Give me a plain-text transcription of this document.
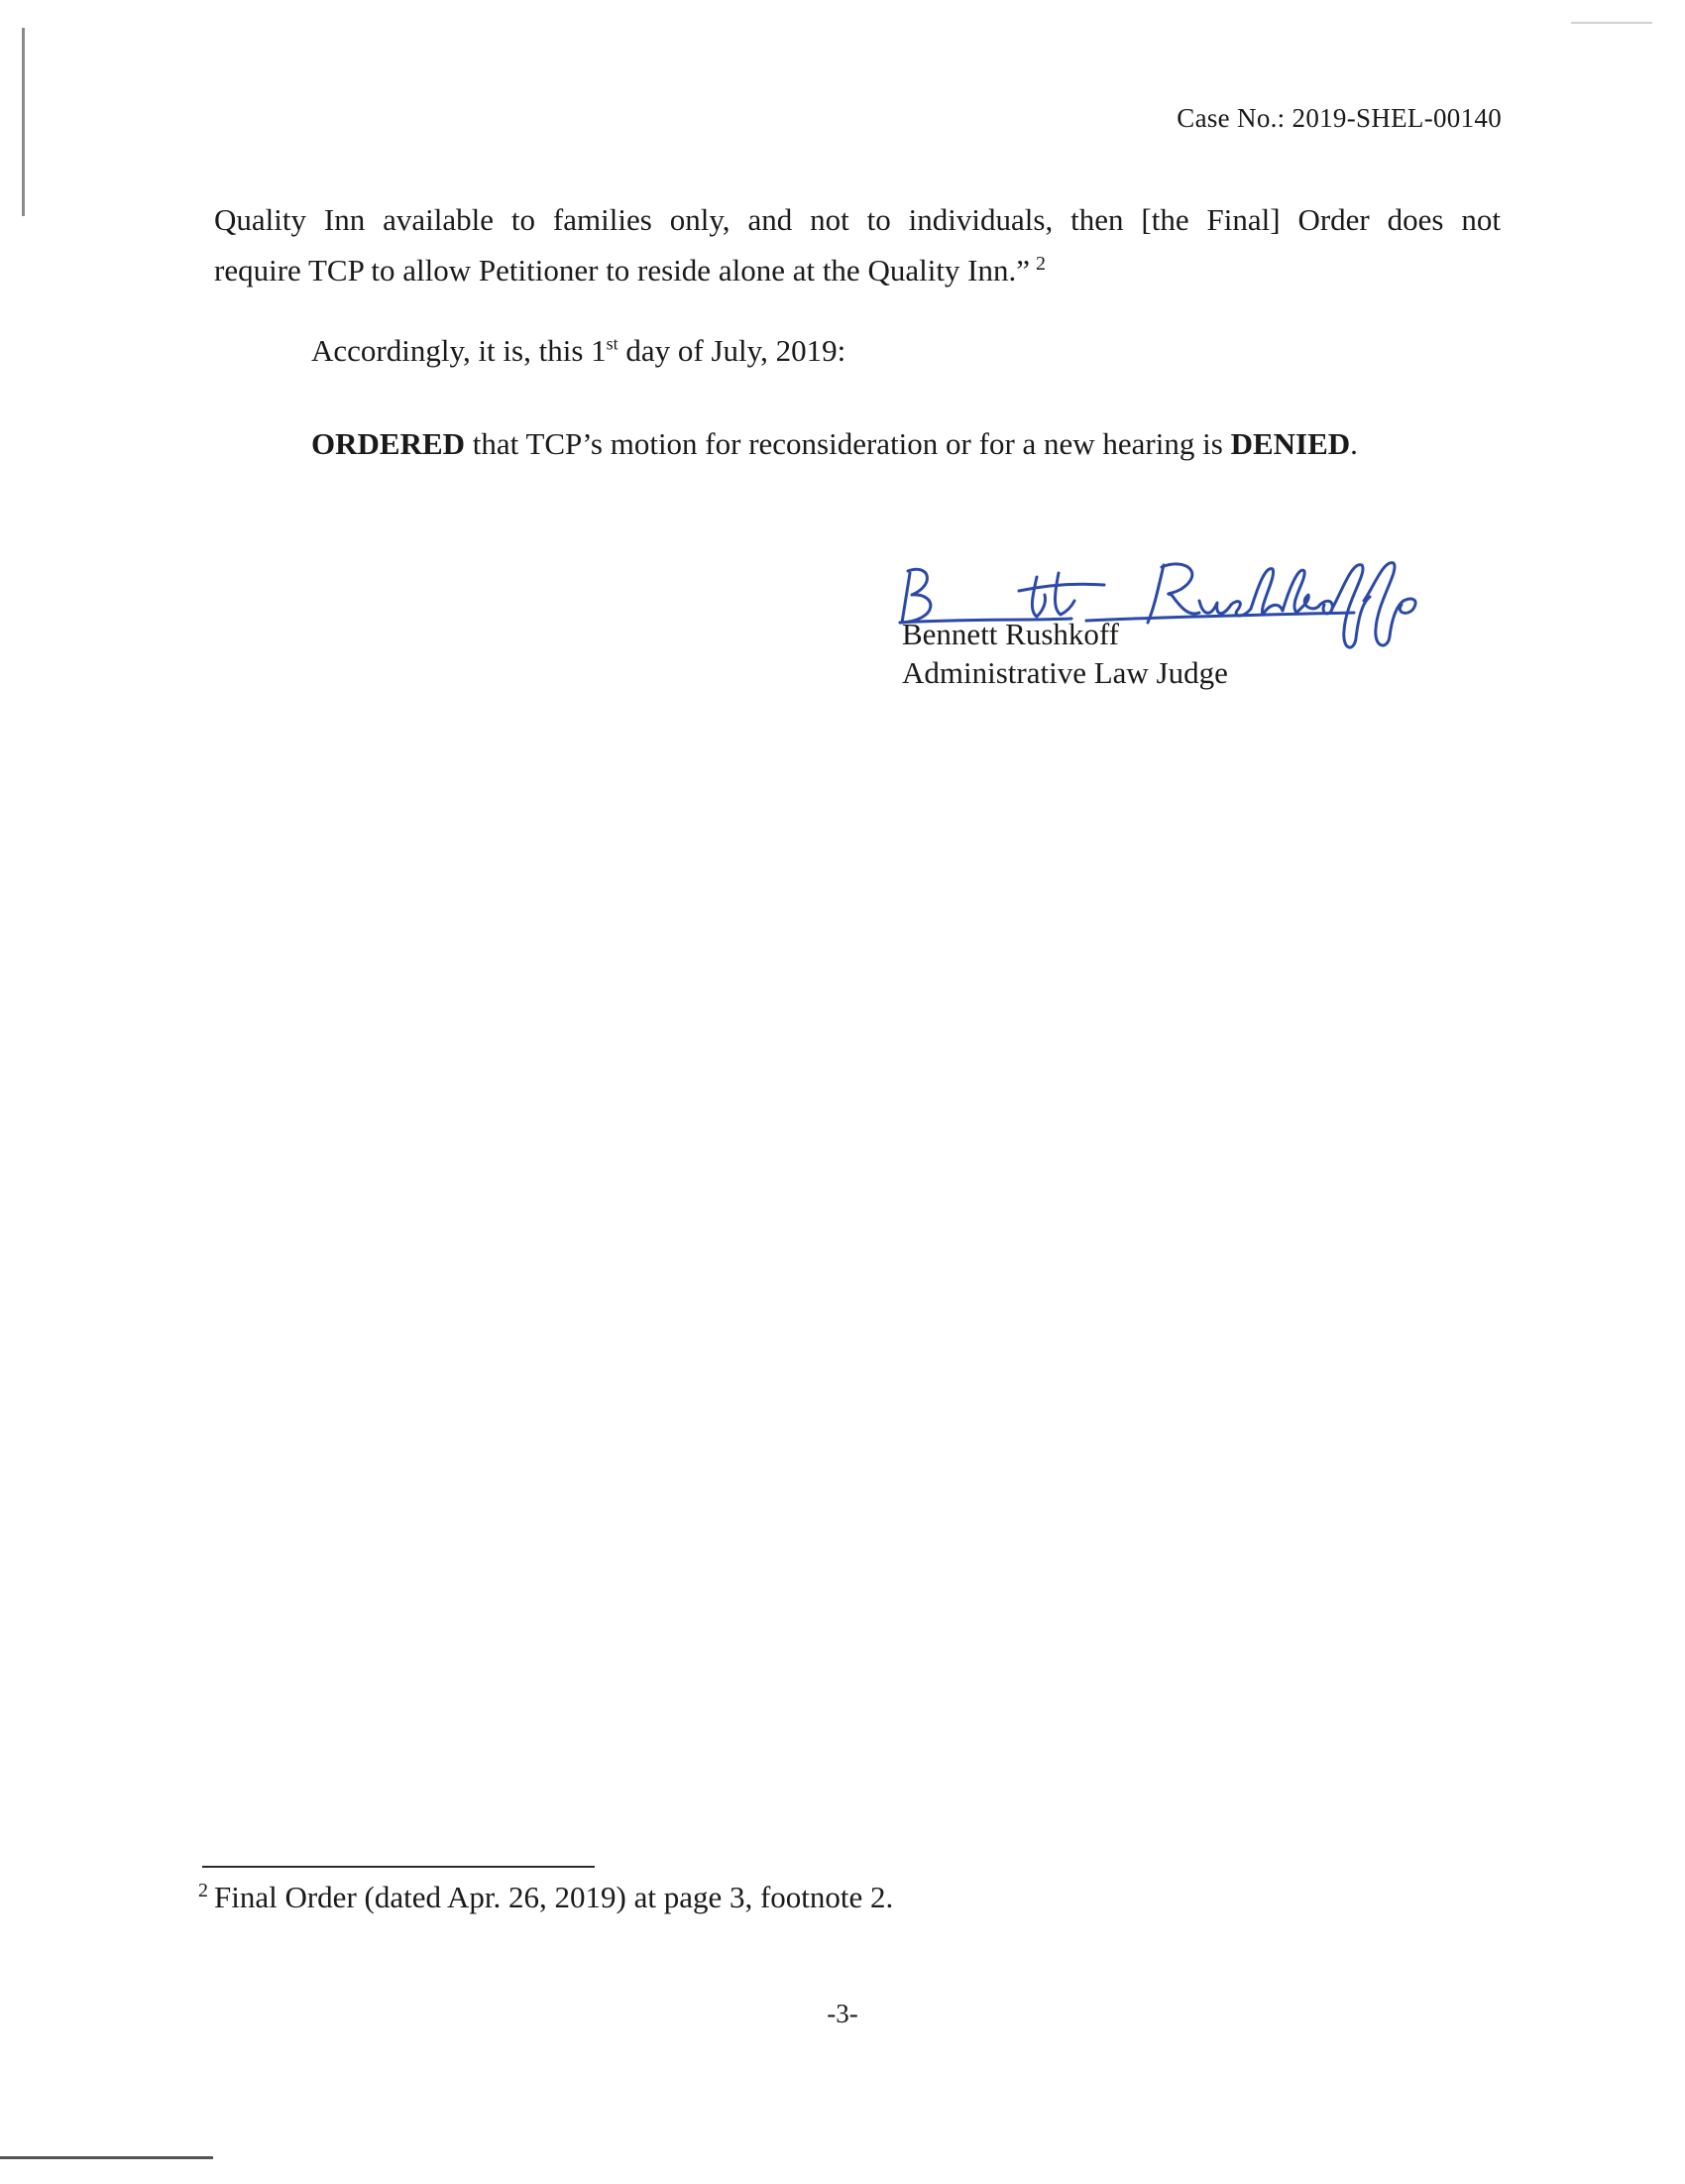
Case No.: 2019-SHEL-00140
Quality Inn available to families only, and not to individuals, then [the Final] Order does not
require TCP to allow Petitioner to reside alone at the Quality Inn.” $^2$
Accordingly, it is, this 1st day of July, 2019:
ORDERED that TCP’s motion for reconsideration or for a new hearing is DENIED.
Bennett Rushkoff
Administrative Law Judge
$^2$ Final Order (dated Apr. 26, 2019) at page 3, footnote 2.
-3-
